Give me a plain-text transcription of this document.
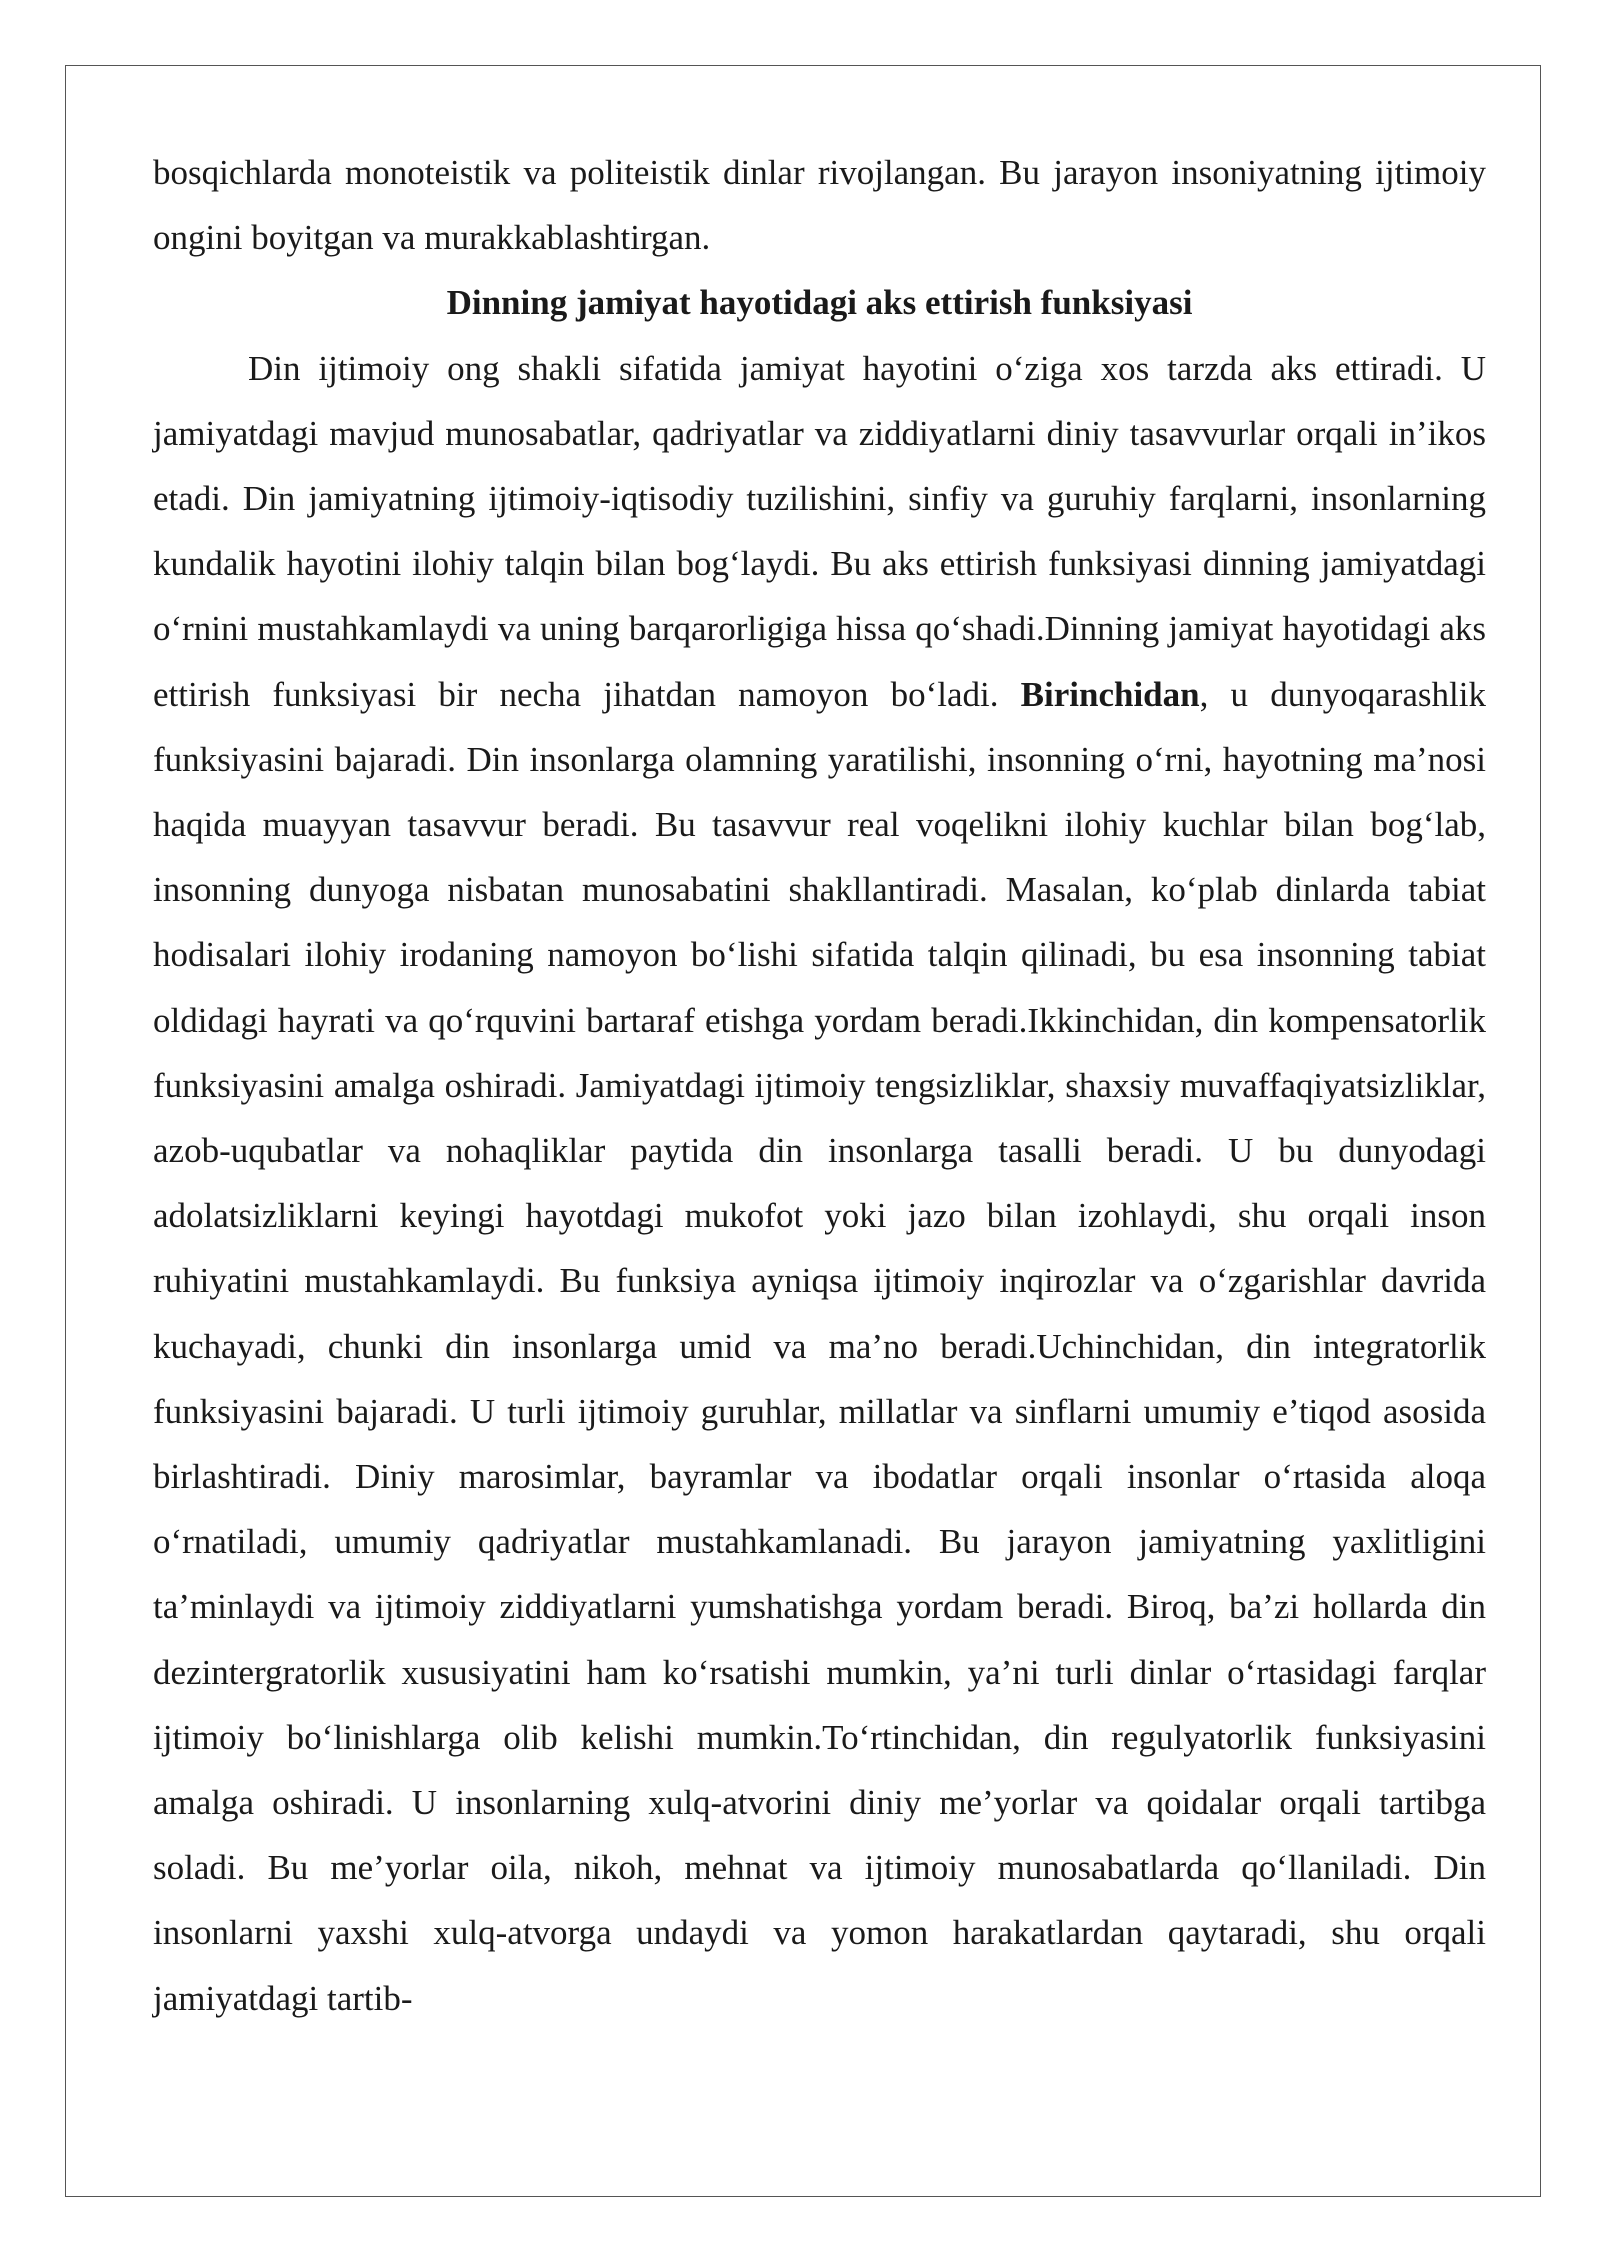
bosqichlarda monoteistik va politeistik dinlar rivojlangan. Bu jarayon insoniyatning ijtimoiy ongini boyitgan va murakkablashtirgan.

Dinning jamiyat hayotidagi aks ettirish funksiyasi

Din ijtimoiy ong shakli sifatida jamiyat hayotini o‘ziga xos tarzda aks ettiradi. U jamiyatdagi mavjud munosabatlar, qadriyatlar va ziddiyatlarni diniy tasavvurlar orqali in’ikos etadi. Din jamiyatning ijtimoiy-iqtisodiy tuzilishini, sinfiy va guruhiy farqlarni, insonlarning kundalik hayotini ilohiy talqin bilan bog‘laydi. Bu aks ettirish funksiyasi dinning jamiyatdagi o‘rnini mustahkamlaydi va uning barqarorligiga hissa qo‘shadi.Dinning jamiyat hayotidagi aks ettirish funksiyasi bir necha jihatdan namoyon bo‘ladi. Birinchidan, u dunyoqarashlik funksiyasini bajaradi. Din insonlarga olamning yaratilishi, insonning o‘rni, hayotning ma’nosi haqida muayyan tasavvur beradi. Bu tasavvur real voqelikni ilohiy kuchlar bilan bog‘lab, insonning dunyoga nisbatan munosabatini shakllantiradi. Masalan, ko‘plab dinlarda tabiat hodisalari ilohiy irodaning namoyon bo‘lishi sifatida talqin qilinadi, bu esa insonning tabiat oldidagi hayrati va qo‘rquvini bartaraf etishga yordam beradi.Ikkinchidan, din kompensatorlik funksiyasini amalga oshiradi. Jamiyatdagi ijtimoiy tengsizliklar, shaxsiy muvaffaqiyatsizliklar, azob-uqubatlar va nohaqliklar paytida din insonlarga tasalli beradi. U bu dunyodagi adolatsizliklarni keyingi hayotdagi mukofot yoki jazo bilan izohlaydi, shu orqali inson ruhiyatini mustahkamlaydi. Bu funksiya ayniqsa ijtimoiy inqirozlar va o‘zgarishlar davrida kuchayadi, chunki din insonlarga umid va ma’no beradi.Uchinchidan, din integratorlik funksiyasini bajaradi. U turli ijtimoiy guruhlar, millatlar va sinflarni umumiy e’tiqod asosida birlashtiradi. Diniy marosimlar, bayramlar va ibodatlar orqali insonlar o‘rtasida aloqa o‘rnatiladi, umumiy qadriyatlar mustahkamlanadi. Bu jarayon jamiyatning yaxlitligini ta’minlaydi va ijtimoiy ziddiyatlarni yumshatishga yordam beradi. Biroq, ba’zi hollarda din dezintergratorlik xususiyatini ham ko‘rsatishi mumkin, ya’ni turli dinlar o‘rtasidagi farqlar ijtimoiy bo‘linishlarga olib kelishi mumkin.To‘rtinchidan, din regulyatorlik funksiyasini amalga oshiradi. U insonlarning xulq-atvorini diniy me’yorlar va qoidalar orqali tartibga soladi. Bu me’yorlar oila, nikoh, mehnat va ijtimoiy munosabatlarda qo‘llaniladi. Din insonlarni yaxshi xulq-atvorga undaydi va yomon harakatlardan qaytaradi, shu orqali jamiyatdagi tartib-
